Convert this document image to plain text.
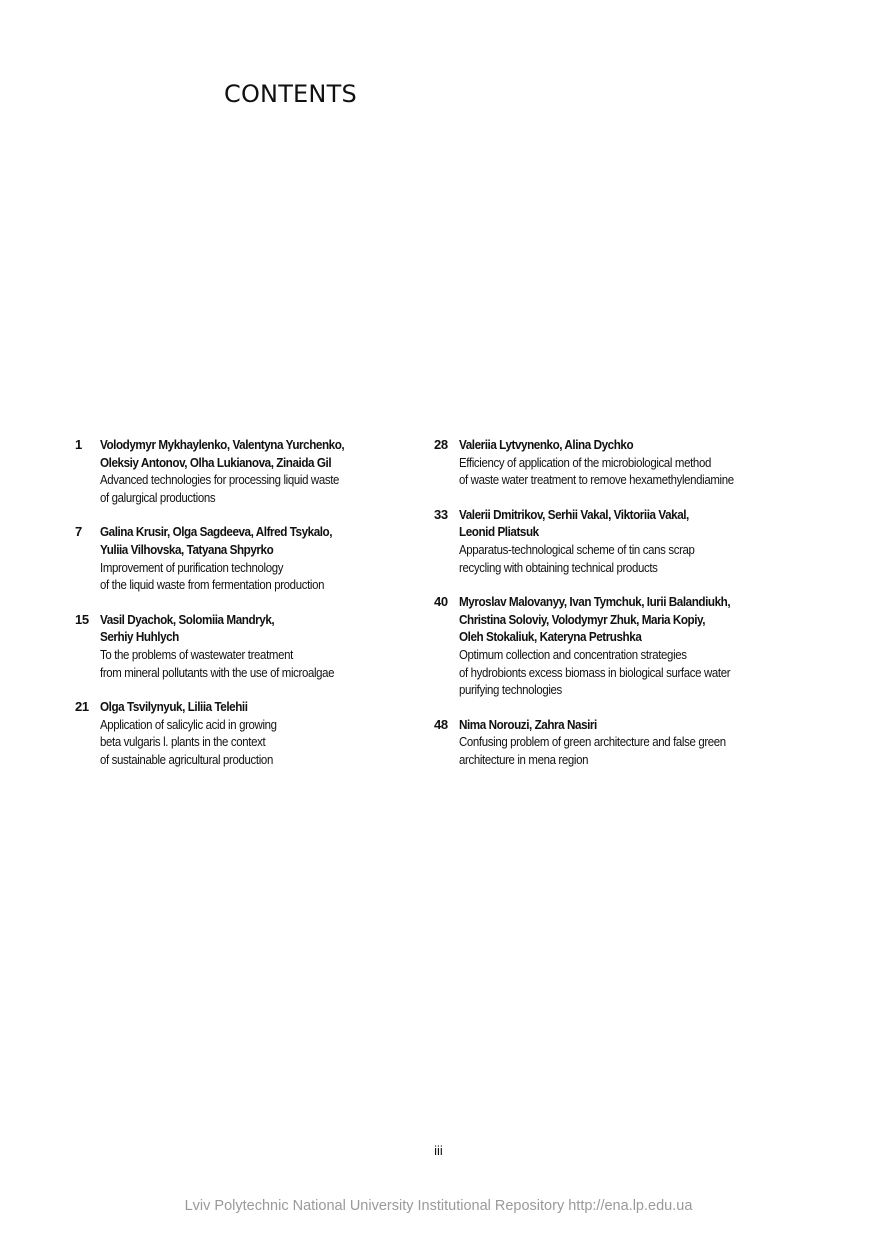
CONTENTS
1 Volodymyr Mykhaylenko, Valentyna Yurchenko,
Oleksiy Antonov, Olha Lukianova, Zinaida Gil
Advanced technologies for processing liquid waste
of galurgical productions
7 Galina Krusir, Olga Sagdeeva, Alfred Tsykalo,
Yuliia Vilhovska, Tatyana Shpyrko
Improvement of purification technology
of the liquid waste from fermentation production
15 Vasil Dyachok, Solomiia Mandryk,
Serhiy Huhlych
To the problems of wastewater treatment
from mineral pollutants with the use of microalgae
21 Olga Tsvilynyuk, Liliia Telehii
Application of salicylic acid in growing
beta vulgaris l. plants in the context
of sustainable agricultural production
28 Valeriia Lytvynenko, Alina Dychko
Efficiency of application of the microbiological method
of waste water treatment to remove hexamethylendiamine
33 Valerii Dmitrikov, Serhii Vakal, Viktoriia Vakal,
Leonid Pliatsuk
Apparatus-technological scheme of tin cans scrap
recycling with obtaining technical products
40 Myroslav Malovanyy, Ivan Tymchuk, Iurii Balandiukh,
Christina Soloviy, Volodymyr Zhuk, Maria Kopiy,
Oleh Stokaliuk, Kateryna Petrushka
Optimum collection and concentration strategies
of hydrobionts excess biomass in biological surface water
purifying technologies
48 Nima Norouzi, Zahra Nasiri
Confusing problem of green architecture and false green
architecture in mena region
iii
Lviv Polytechnic National University Institutional Repository http://ena.lp.edu.ua
